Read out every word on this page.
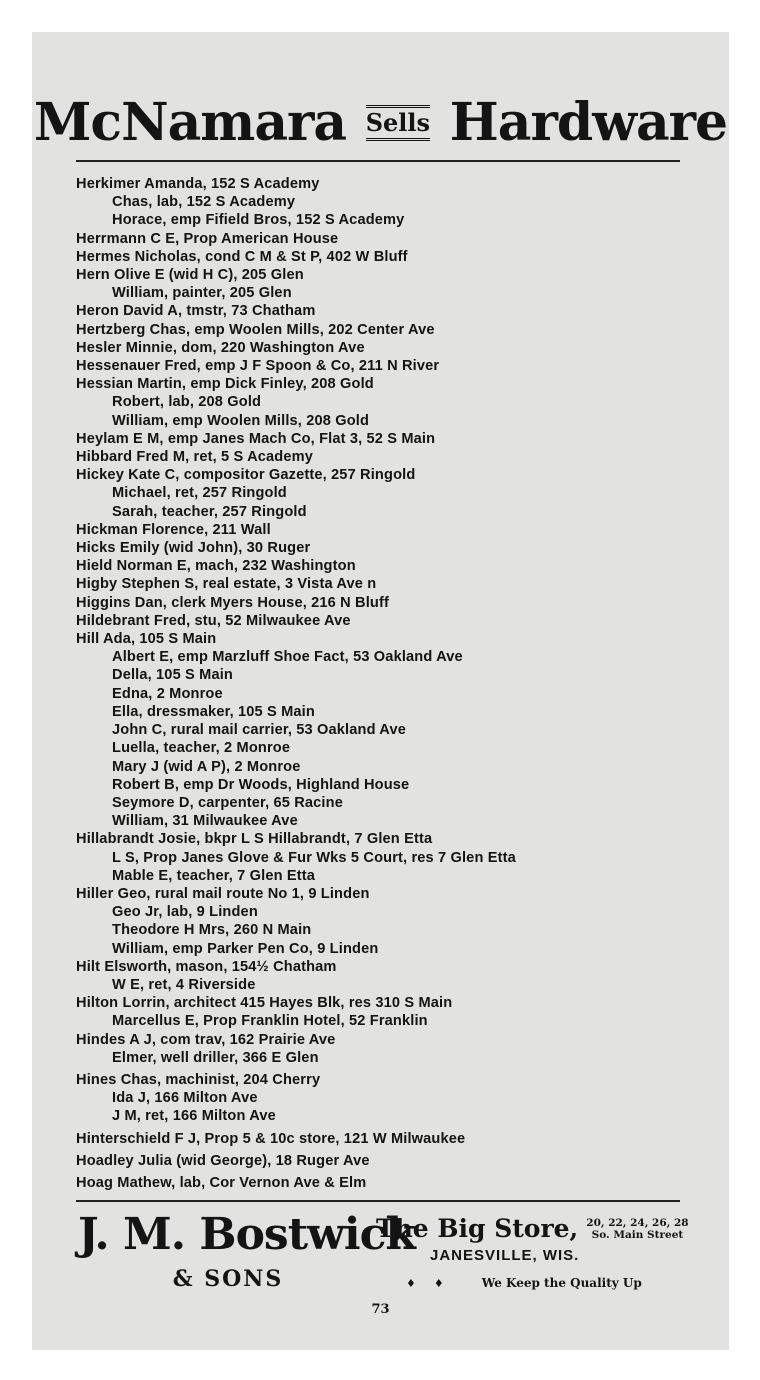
McNamara Sells Hardware
Herkimer Amanda, 152 S Academy
Chas, lab, 152 S Academy
Horace, emp Fifield Bros, 152 S Academy
Herrmann C E, Prop American House
Hermes Nicholas, cond C M & St P, 402 W Bluff
Hern Olive E (wid H C), 205 Glen
William, painter, 205 Glen
Heron David A, tmstr, 73 Chatham
Hertzberg Chas, emp Woolen Mills, 202 Center Ave
Hesler Minnie, dom, 220 Washington Ave
Hessenauer Fred, emp J F Spoon & Co, 211 N River
Hessian Martin, emp Dick Finley, 208 Gold
Robert, lab, 208 Gold
William, emp Woolen Mills, 208 Gold
Heylam E M, emp Janes Mach Co, Flat 3, 52 S Main
Hibbard Fred M, ret, 5 S Academy
Hickey Kate C, compositor Gazette, 257 Ringold
Michael, ret, 257 Ringold
Sarah, teacher, 257 Ringold
Hickman Florence, 211 Wall
Hicks Emily (wid John), 30 Ruger
Hield Norman E, mach, 232 Washington
Higby Stephen S, real estate, 3 Vista Ave n
Higgins Dan, clerk Myers House, 216 N Bluff
Hildebrant Fred, stu, 52 Milwaukee Ave
Hill Ada, 105 S Main
Albert E, emp Marzluff Shoe Fact, 53 Oakland Ave
Della, 105 S Main
Edna, 2 Monroe
Ella, dressmaker, 105 S Main
John C, rural mail carrier, 53 Oakland Ave
Luella, teacher, 2 Monroe
Mary J (wid A P), 2 Monroe
Robert B, emp Dr Woods, Highland House
Seymore D, carpenter, 65 Racine
William, 31 Milwaukee Ave
Hillabrandt Josie, bkpr L S Hillabrandt, 7 Glen Etta
L S, Prop Janes Glove & Fur Wks 5 Court, res 7 Glen Etta
Mable E, teacher, 7 Glen Etta
Hiller Geo, rural mail route No 1, 9 Linden
Geo Jr, lab, 9 Linden
Theodore H Mrs, 260 N Main
William, emp Parker Pen Co, 9 Linden
Hilt Elsworth, mason, 154½ Chatham
W E, ret, 4 Riverside
Hilton Lorrin, architect 415 Hayes Blk, res 310 S Main
Marcellus E, Prop Franklin Hotel, 52 Franklin
Hindes A J, com trav, 162 Prairie Ave
Elmer, well driller, 366 E Glen
Hines Chas, machinist, 204 Cherry
Ida J, 166 Milton Ave
J M, ret, 166 Milton Ave
Hinterschield F J, Prop 5 & 10c store, 121 W Milwaukee
Hoadley Julia (wid George), 18 Ruger Ave
Hoag Mathew, lab, Cor Vernon Ave & Elm
J. M. Bostwick
& SONS
The Big Store, 20, 22, 24, 26, 28
So. Main Street
JANESVILLE, WIS.
♦♦ We Keep the Quality Up
73
